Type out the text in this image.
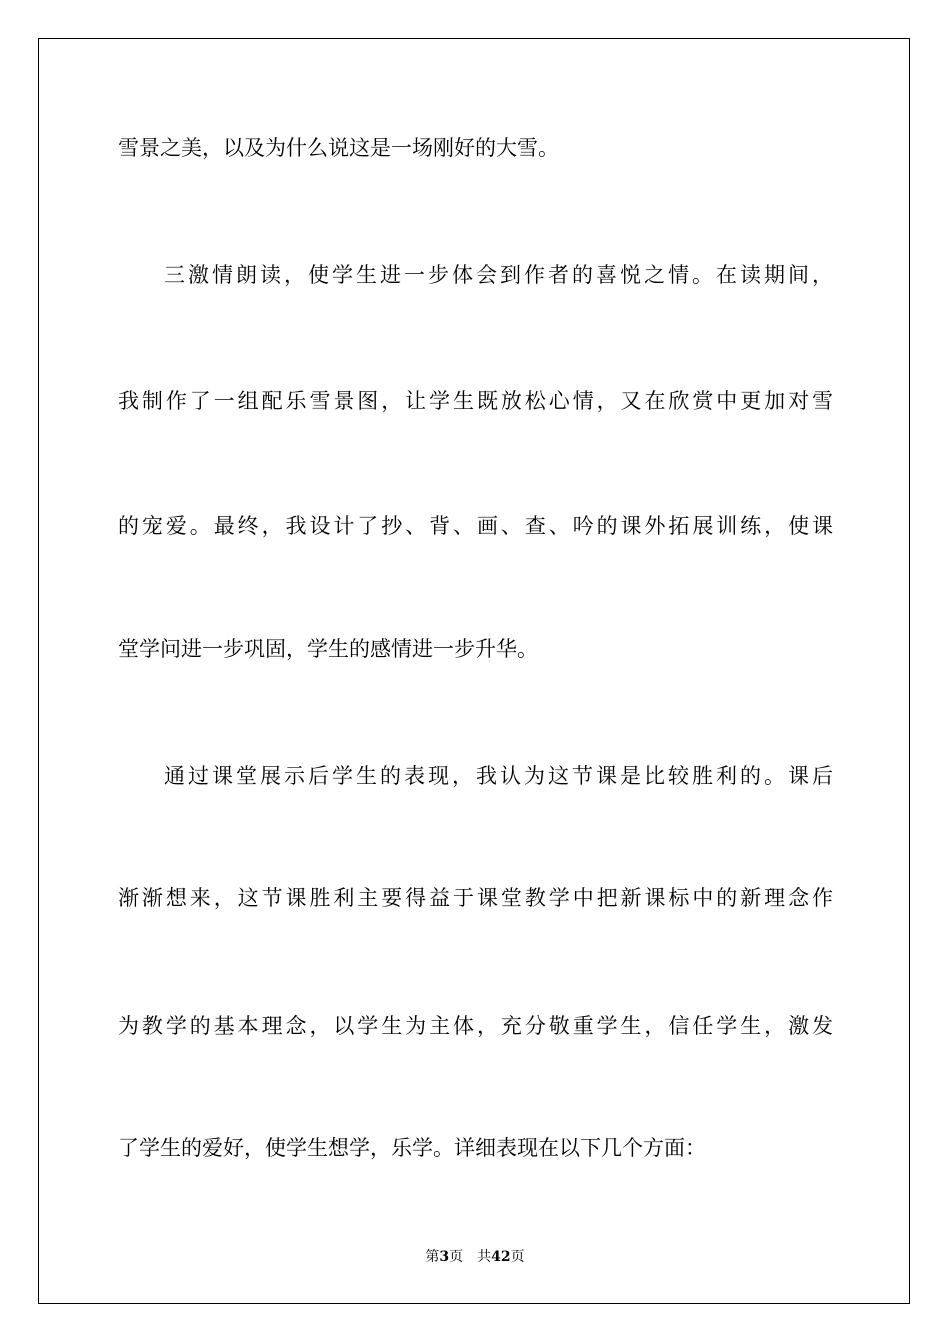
雪景之美，以及为什么说这是一场刚好的大雪。
三激情朗读，使学生进一步体会到作者的喜悦之情。在读期间，
我制作了一组配乐雪景图，让学生既放松心情，又在欣赏中更加对雪
的宠爱。最终，我设计了抄、背、画、查、吟的课外拓展训练，使课
堂学问进一步巩固，学生的感情进一步升华。
通过课堂展示后学生的表现，我认为这节课是比较胜利的。课后
渐渐想来，这节课胜利主要得益于课堂教学中把新课标中的新理念作
为教学的基本理念，以学生为主体，充分敬重学生，信任学生，激发
了学生的爱好，使学生想学，乐学。详细表现在以下几个方面：
第3页 共42页
